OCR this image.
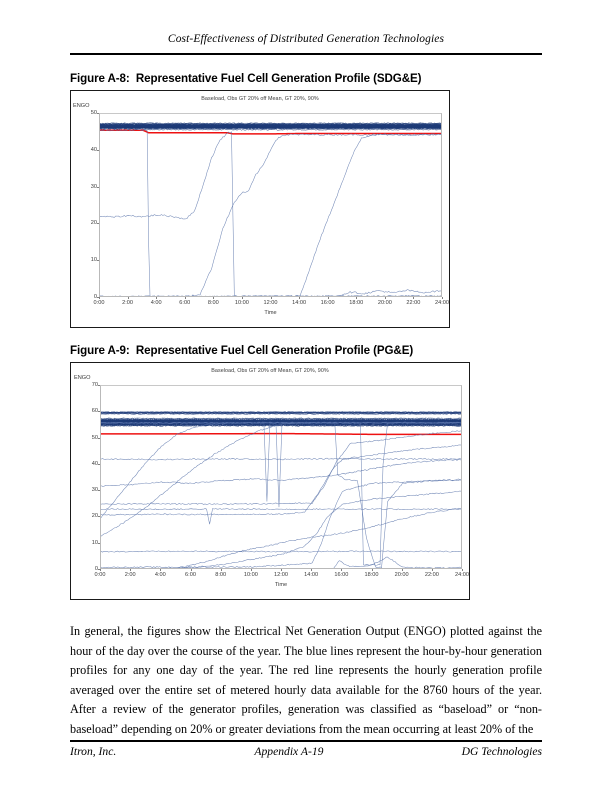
Cost-Effectiveness of Distributed Generation Technologies
Figure A-8:  Representative Fuel Cell Generation Profile (SDG&E)
Baseload, Obs GT 20% off Mean, GT 20%, 90%
ENGO
0
10
20
30
40
50
0:00	2:00	4:00	6:00	8:00	10:00	12:00	14:00	16:00	18:00	20:00	22:00	24:00
Time
Figure A-9:  Representative Fuel Cell Generation Profile (PG&E)
Baseload, Obs GT 20% off Mean, GT 20%, 90%
ENGO
0
10
20
30
40
50
60
70
0:00	2:00	4:00	6:00	8:00	10:00	12:00	14:00	16:00	18:00	20:00	22:00	24:00
Time
In general, the figures show the Electrical Net Generation Output (ENGO) plotted against the hour of the day over the course of the year. The blue lines represent the hour-by-hour generation profiles for any one day of the year. The red line represents the hourly generation profile averaged over the entire set of metered hourly data available for the 8760 hours of the year. After a review of the generator profiles, generation was classified as “baseload” or “non-baseload” depending on 20% or greater deviations from the mean occurring at least 20% of the
Itron, Inc.	Appendix A-19	DG Technologies
